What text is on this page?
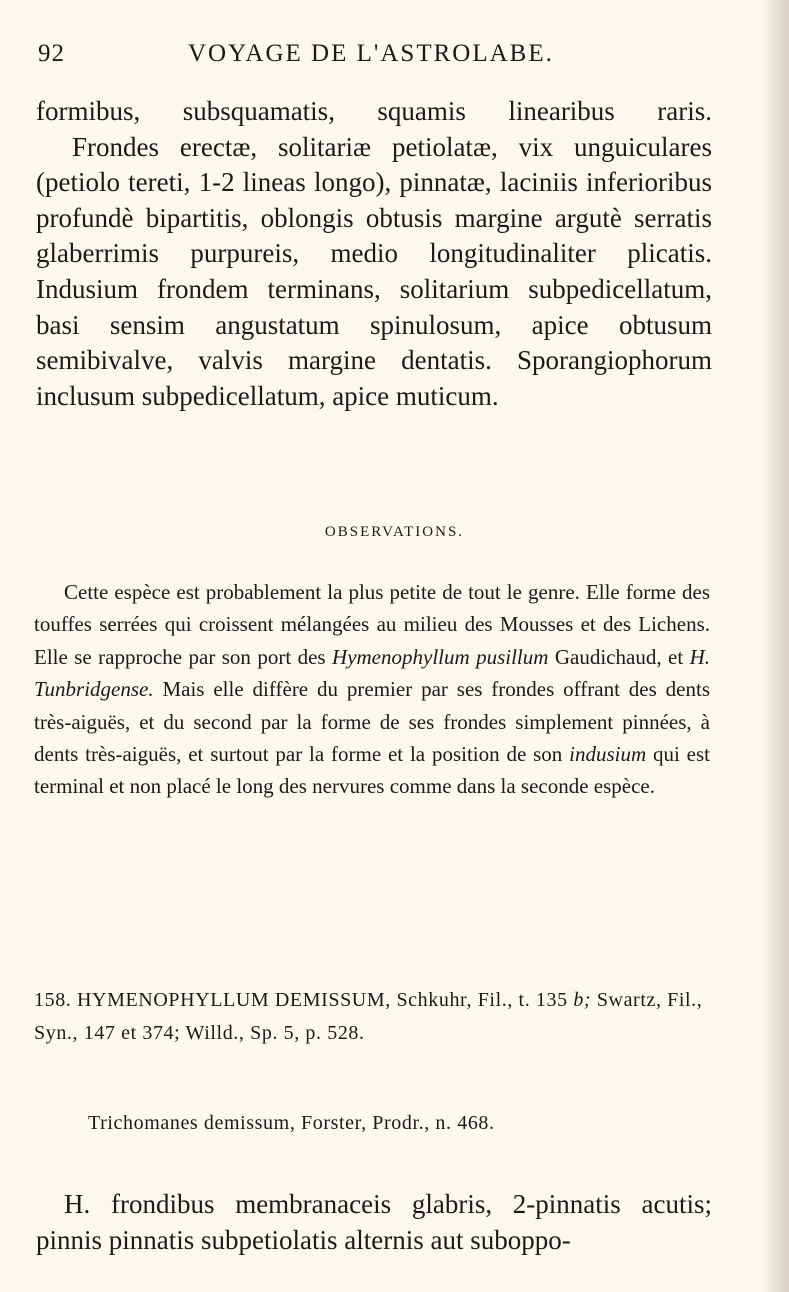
92	VOYAGE DE L'ASTROLABE.

formibus, subsquamatis, squamis linearibus raris.

Frondes erectæ, solitariæ petiolatæ, vix unguiculares (petiolo tereti, 1-2 lineas longo), pinnatæ, laciniis inferioribus profundè bipartitis, oblongis obtusis margine argutè serratis glaberrimis purpureis, medio longitudinaliter plicatis. Indusium frondem terminans, solitarium subpedicellatum, basi sensim angustatum spinulosum, apice obtusum semibivalve, valvis margine dentatis. Sporangiophorum inclusum subpedicellatum, apice muticum.

OBSERVATIONS.

Cette espèce est probablement la plus petite de tout le genre. Elle forme des touffes serrées qui croissent mélangées au milieu des Mousses et des Lichens. Elle se rapproche par son port des Hymenophyllum pusillum Gaudichaud, et H. Tunbridgense. Mais elle diffère du premier par ses frondes offrant des dents très-aiguës, et du second par la forme de ses frondes simplement pinnées, à dents très-aiguës, et surtout par la forme et la position de son indusium qui est terminal et non placé le long des nervures comme dans la seconde espèce.

158. HYMENOPHYLLUM DEMISSUM, Schkuhr, Fil., t. 135 b; Swartz, Fil., Syn., 147 et 374; Willd., Sp. 5, p. 528.
Trichomanes demissum, Forster, Prodr., n. 468.

H. frondibus membranaceis glabris, 2-pinnatis acutis; pinnis pinnatis subpetiolatis alternis aut suboppo-
